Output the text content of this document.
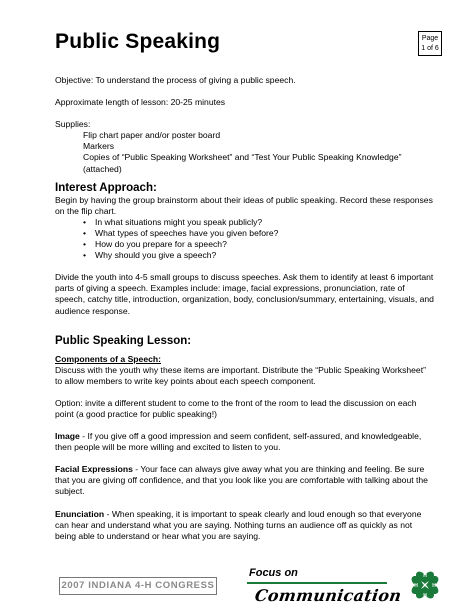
Public Speaking	Page
1 of 6

Objective: To understand the process of giving a public speech.

Approximate length of lesson: 20-25 minutes

Supplies:

Flip chart paper and/or poster board

Markers

Copies of “Public Speaking Worksheet” and “Test Your Public Speaking Knowledge” (attached)

Interest Approach:

Begin by having the group brainstorm about their ideas of public speaking. Record these responses on the flip chart.

• In what situations might you speak publicly?
• What types of speeches have you given before?
• How do you prepare for a speech?
• Why should you give a speech?

Divide the youth into 4-5 small groups to discuss speeches. Ask them to identify at least 6 important parts of giving a speech. Examples include: image, facial expressions, pronunciation, rate of speech, catchy title, introduction, organization, body, conclusion/summary, entertaining, visuals, and audience response.

Public Speaking Lesson:

Components of a Speech:

Discuss with the youth why these items are important. Distribute the “Public Speaking Worksheet” to allow members to write key points about each speech component.

Option: invite a different student to come to the front of the room to lead the discussion on each point (a good practice for public speaking!)

Image - If you give off a good impression and seem confident, self-assured, and knowledgeable, then people will be more willing and excited to listen to you.

Facial Expressions - Your face can always give away what you are thinking and feeling. Be sure that you are giving off confidence, and that you look like you are comfortable with talking about the subject.

Enunciation - When speaking, it is important to speak clearly and loud enough so that everyone can hear and understand what you are saying. Nothing turns an audience off as quickly as not being able to understand or hear what you are saying.

2007 INDIANA 4-H CONGRESS
Focus on
Communication
H
H
H
H
